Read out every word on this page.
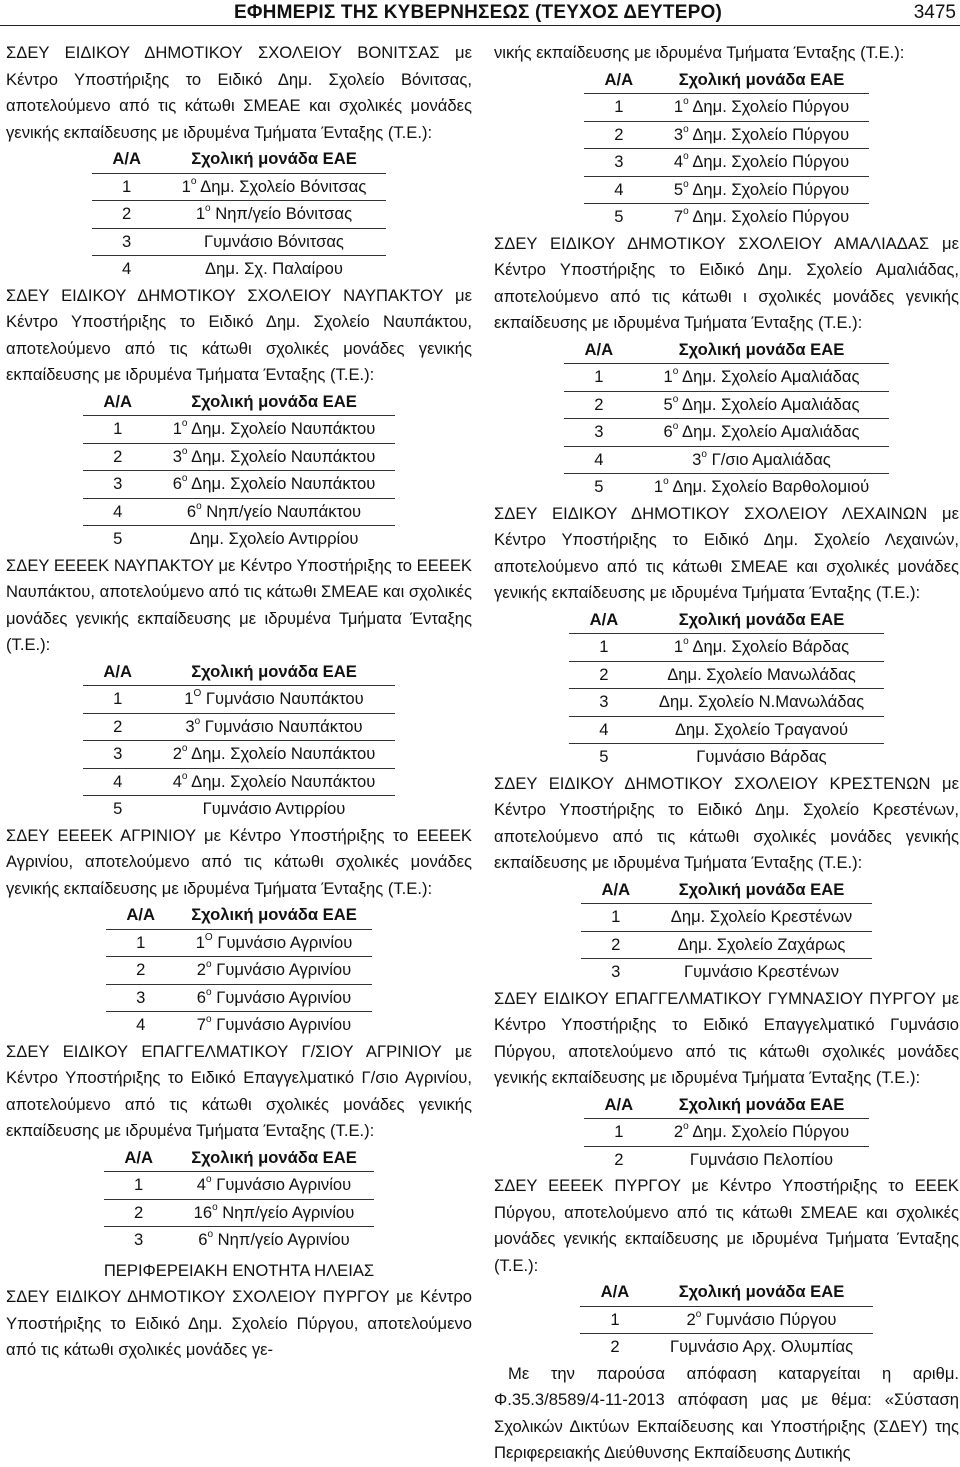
ΕΦΗΜΕΡΙΣ ΤΗΣ ΚΥΒΕΡΝΗΣΕΩΣ (ΤΕΥΧΟΣ ΔΕΥΤΕΡΟ)	3475

ΣΔΕΥ ΕΙΔΙΚΟΥ ΔΗΜΟΤΙΚΟΥ ΣΧΟΛΕΙΟΥ ΒΟΝΙΤΣΑΣ με Κέντρο Υποστήριξης το Ειδικό Δημ. Σχολείο Βόνιτσας, αποτελούμενο από τις κάτωθι ΣΜΕΑΕ και σχολικές μονάδες γενικής εκπαίδευσης με ιδρυμένα Τμήματα Ένταξης (Τ.Ε.):

Α/Α	Σχολική μονάδα ΕΑΕ
1	$1^o$ Δημ. Σχολείο Βόνιτσας
2	$1^o$ Νηπ/γείο Βόνιτσας
3	Γυμνάσιο Βόνιτσας
4	Δημ. Σχ. Παλαίρου

ΣΔΕΥ ΕΙΔΙΚΟΥ ΔΗΜΟΤΙΚΟΥ ΣΧΟΛΕΙΟΥ ΝΑΥΠΑΚΤΟΥ με Κέντρο Υποστήριξης το Ειδικό Δημ. Σχολείο Ναυπάκτου, αποτελούμενο από τις κάτωθι σχολικές μονάδες γενικής εκπαίδευσης με ιδρυμένα Τμήματα Ένταξης (Τ.Ε.):

Α/Α	Σχολική μονάδα ΕΑΕ
1	$1^o$ Δημ. Σχολείο Ναυπάκτου
2	$3^o$ Δημ. Σχολείο Ναυπάκτου
3	$6^o$ Δημ. Σχολείο Ναυπάκτου
4	$6^o$ Νηπ/γείο Ναυπάκτου
5	Δημ. Σχολείο Αντιρρίου

ΣΔΕΥ ΕΕΕΕΚ ΝΑΥΠΑΚΤΟΥ με Κέντρο Υποστήριξης το ΕΕΕΕΚ Ναυπάκτου, αποτελούμενο από τις κάτωθι ΣΜΕΑΕ και σχολικές μονάδες γενικής εκπαίδευσης με ιδρυμένα Τμήματα Ένταξης (Τ.Ε.):

Α/Α	Σχολική μονάδα ΕΑΕ
1	$1^O$ Γυμνάσιο Ναυπάκτου
2	$3^o$ Γυμνάσιο Ναυπάκτου
3	$2^o$ Δημ. Σχολείο Ναυπάκτου
4	$4^o$ Δημ. Σχολείο Ναυπάκτου
5	Γυμνάσιο Αντιρρίου

ΣΔΕΥ ΕΕΕΕΚ ΑΓΡΙΝΙΟΥ με Κέντρο Υποστήριξης το ΕΕΕΕΚ Αγρινίου, αποτελούμενο από τις κάτωθι σχολικές μονάδες γενικής εκπαίδευσης με ιδρυμένα Τμήματα Ένταξης (Τ.Ε.):

Α/Α	Σχολική μονάδα ΕΑΕ
1	$1^O$ Γυμνάσιο Αγρινίου
2	$2^o$ Γυμνάσιο Αγρινίου
3	$6^o$ Γυμνάσιο Αγρινίου
4	$7^o$ Γυμνάσιο Αγρινίου

ΣΔΕΥ ΕΙΔΙΚΟΥ ΕΠΑΓΓΕΛΜΑΤΙΚΟΥ Γ/ΣΙΟΥ ΑΓΡΙΝΙΟΥ με Κέντρο Υποστήριξης το Ειδικό Επαγγελματικό Γ/σιο Αγρινίου, αποτελούμενο από τις κάτωθι σχολικές μονάδες γενικής εκπαίδευσης με ιδρυμένα Τμήματα Ένταξης (Τ.Ε.):

Α/Α	Σχολική μονάδα ΕΑΕ
1	$4^o$ Γυμνάσιο Αγρινίου
2	$16^o$ Νηπ/γείο Αγρινίου
3	$6^o$ Νηπ/γείο Αγρινίου

ΠΕΡΙΦΕΡΕΙΑΚΗ ΕΝΟΤΗΤΑ ΗΛΕΙΑΣ

ΣΔΕΥ ΕΙΔΙΚΟΥ ΔΗΜΟΤΙΚΟΥ ΣΧΟΛΕΙΟΥ ΠΥΡΓΟΥ με Κέντρο Υποστήριξης το Ειδικό Δημ. Σχολείο Πύργου, αποτελούμενο από τις κάτωθι σχολικές μονάδες γε-

νικής εκπαίδευσης με ιδρυμένα Τμήματα Ένταξης (Τ.Ε.):

Α/Α	Σχολική μονάδα ΕΑΕ
1	$1^o$ Δημ. Σχολείο Πύργου
2	$3^o$ Δημ. Σχολείο Πύργου
3	$4^o$ Δημ. Σχολείο Πύργου
4	$5^o$ Δημ. Σχολείο Πύργου
5	$7^o$ Δημ. Σχολείο Πύργου

ΣΔΕΥ ΕΙΔΙΚΟΥ ΔΗΜΟΤΙΚΟΥ ΣΧΟΛΕΙΟΥ ΑΜΑΛΙΑΔΑΣ με Κέντρο Υποστήριξης το Ειδικό Δημ. Σχολείο Αμαλιάδας, αποτελούμενο από τις κάτωθι ι σχολικές μονάδες γενικής εκπαίδευσης με ιδρυμένα Τμήματα Ένταξης (Τ.Ε.):

Α/Α	Σχολική μονάδα ΕΑΕ
1	$1^o$ Δημ. Σχολείο Αμαλιάδας
2	$5^o$ Δημ. Σχολείο Αμαλιάδας
3	$6^o$ Δημ. Σχολείο Αμαλιάδας
4	$3^o$ Γ/σιο Αμαλιάδας
5	$1^o$ Δημ. Σχολείο Βαρθολομιού

ΣΔΕΥ ΕΙΔΙΚΟΥ ΔΗΜΟΤΙΚΟΥ ΣΧΟΛΕΙΟΥ ΛΕΧΑΙΝΩΝ με Κέντρο Υποστήριξης το Ειδικό Δημ. Σχολείο Λεχαινών, αποτελούμενο από τις κάτωθι ΣΜΕΑΕ και σχολικές μονάδες γενικής εκπαίδευσης με ιδρυμένα Τμήματα Ένταξης (Τ.Ε.):

Α/Α	Σχολική μονάδα ΕΑΕ
1	$1^o$ Δημ. Σχολείο Βάρδας
2	Δημ. Σχολείο Μανωλάδας
3	Δημ. Σχολείο Ν.Μανωλάδας
4	Δημ. Σχολείο Τραγανού
5	Γυμνάσιο Βάρδας

ΣΔΕΥ ΕΙΔΙΚΟΥ ΔΗΜΟΤΙΚΟΥ ΣΧΟΛΕΙΟΥ ΚΡΕΣΤΕΝΩΝ με Κέντρο Υποστήριξης το Ειδικό Δημ. Σχολείο Κρεστένων, αποτελούμενο από τις κάτωθι σχολικές μονάδες γενικής εκπαίδευσης με ιδρυμένα Τμήματα Ένταξης (Τ.Ε.):

Α/Α	Σχολική μονάδα ΕΑΕ
1	Δημ. Σχολείο Κρεστένων
2	Δημ. Σχολείο Ζαχάρως
3	Γυμνάσιο Κρεστένων

ΣΔΕΥ ΕΙΔΙΚΟΥ ΕΠΑΓΓΕΛΜΑΤΙΚΟΥ ΓΥΜΝΑΣΙΟΥ ΠΥΡΓΟΥ με Κέντρο Υποστήριξης το Ειδικό Επαγγελματικό Γυμνάσιο Πύργου, αποτελούμενο από τις κάτωθι σχολικές μονάδες γενικής εκπαίδευσης με ιδρυμένα Τμήματα Ένταξης (Τ.Ε.):

Α/Α	Σχολική μονάδα ΕΑΕ
1	$2^o$ Δημ. Σχολείο Πύργου
2	Γυμνάσιο Πελοπίου

ΣΔΕΥ ΕΕΕΕΚ ΠΥΡΓΟΥ με Κέντρο Υποστήριξης το ΕΕΕΚ Πύργου, αποτελούμενο από τις κάτωθι ΣΜΕΑΕ και σχολικές μονάδες γενικής εκπαίδευσης με ιδρυμένα Τμήματα Ένταξης (Τ.Ε.):

Α/Α	Σχολική μονάδα ΕΑΕ
1	$2^o$ Γυμνάσιο Πύργου
2	Γυμνάσιο Αρχ. Ολυμπίας

Με την παρούσα απόφαση καταργείται η αριθμ. Φ.35.3/8589/4-11-2013 απόφαση μας με θέμα: «Σύσταση Σχολικών Δικτύων Εκπαίδευσης και Υποστήριξης (ΣΔΕΥ) της Περιφερειακής Διεύθυνσης Εκπαίδευσης Δυτικής
